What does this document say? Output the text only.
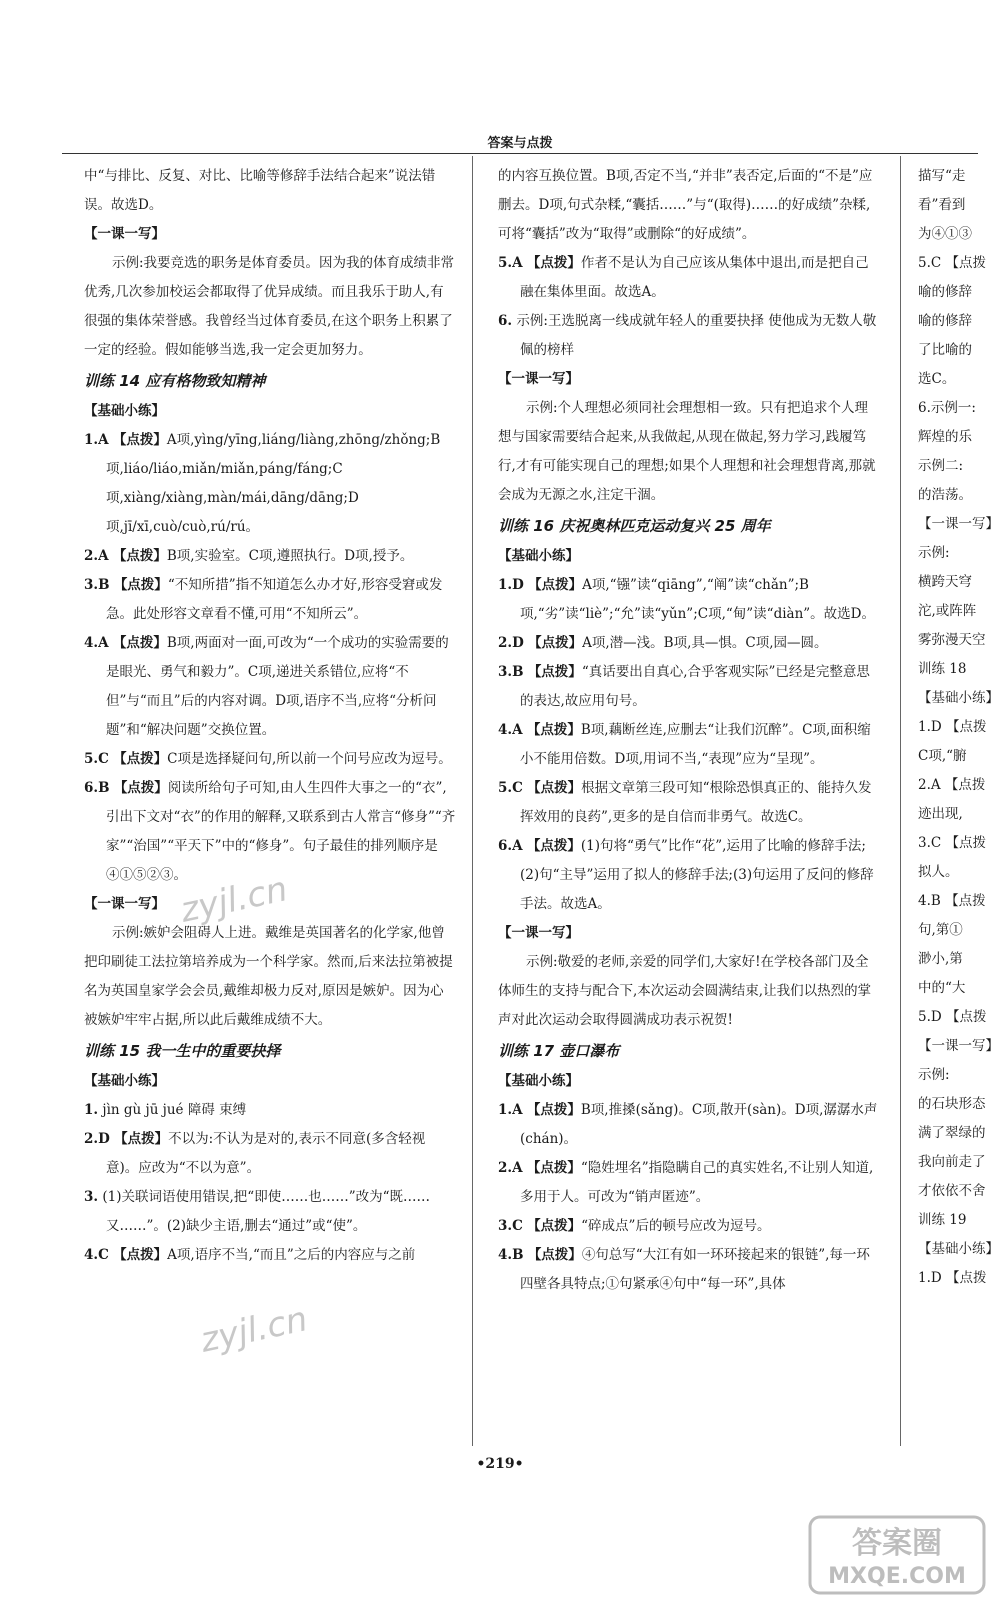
答案与点拨

中“与排比、反复、对比、比喻等修辞手法结合起来”说法错误。故选D。

【一课一写】

示例:我要竞选的职务是体育委员。因为我的体育成绩非常优秀,几次参加校运会都取得了优异成绩。而且我乐于助人,有很强的集体荣誉感。我曾经当过体育委员,在这个职务上积累了一定的经验。假如能够当选,我一定会更加努力。

训练 14 应有格物致知精神

【基础小练】

1.A 【点拨】A项,yìng/yīng,liáng/liàng,zhōng/zhǒng;B项,liáo/liáo,miǎn/miǎn,páng/fáng;C项,xiàng/xiàng,màn/mái,dāng/dāng;D项,jī/xī,cuò/cuò,rú/rú。

2.A 【点拨】B项,实验室。C项,遵照执行。D项,授予。

3.B 【点拨】“不知所措”指不知道怎么办才好,形容受窘或发急。此处形容文章看不懂,可用“不知所云”。

4.A 【点拨】B项,两面对一面,可改为“一个成功的实验需要的是眼光、勇气和毅力”。C项,递进关系错位,应将“不但”与“而且”后的内容对调。D项,语序不当,应将“分析问题”和“解决问题”交换位置。

5.C 【点拨】C项是选择疑问句,所以前一个问号应改为逗号。

6.B 【点拨】阅读所给句子可知,由人生四件大事之一的“衣”,引出下文对“衣”的作用的解释,又联系到古人常言“修身”“齐家”“治国”“平天下”中的“修身”。句子最佳的排列顺序是④①⑤②③。

【一课一写】

示例:嫉妒会阻碍人上进。戴维是英国著名的化学家,他曾把印刷徒工法拉第培养成为一个科学家。然而,后来法拉第被提名为英国皇家学会会员,戴维却极力反对,原因是嫉妒。因为心被嫉妒牢牢占据,所以此后戴维成绩不大。

训练 15 我一生中的重要抉择

【基础小练】

1. jìn gù jū jué 障碍 束缚

2.D 【点拨】不以为:不认为是对的,表示不同意(多含轻视意)。应改为“不以为意”。

3. (1)关联词语使用错误,把“即使……也……”改为“既……又……”。(2)缺少主语,删去“通过”或“使”。

4.C 【点拨】A项,语序不当,“而且”之后的内容应与之前

的内容互换位置。B项,否定不当,“并非”表否定,后面的“不是”应删去。D项,句式杂糅,“囊括……”与“(取得)……的好成绩”杂糅,可将“囊括”改为“取得”或删除“的好成绩”。

5.A 【点拨】作者不是认为自己应该从集体中退出,而是把自己融在集体里面。故选A。

6. 示例:王选脱离一线成就年轻人的重要抉择 使他成为无数人敬佩的榜样

【一课一写】

示例:个人理想必须同社会理想相一致。只有把追求个人理想与国家需要结合起来,从我做起,从现在做起,努力学习,践履笃行,才有可能实现自己的理想;如果个人理想和社会理想背离,那就会成为无源之水,注定干涸。

训练 16 庆祝奥林匹克运动复兴 25 周年

【基础小练】

1.D 【点拨】A项,“镪”读“qiāng”,“阐”读“chǎn”;B项,“劣”读“liè”;“允”读“yǔn”;C项,“甸”读“diàn”。故选D。

2.D 【点拨】A项,潜—浅。B项,具—惧。C项,园—圆。

3.B 【点拨】“真话要出自真心,合乎客观实际”已经是完整意思的表达,故应用句号。

4.A 【点拨】B项,藕断丝连,应删去“让我们沉醉”。C项,面积缩小不能用倍数。D项,用词不当,“表现”应为“呈现”。

5.C 【点拨】根据文章第三段可知“根除恐惧真正的、能持久发挥效用的良药”,更多的是自信而非勇气。故选C。

6.A 【点拨】(1)句将“勇气”比作“花”,运用了比喻的修辞手法;(2)句“主导”运用了拟人的修辞手法;(3)句运用了反问的修辞手法。故选A。

【一课一写】

示例:敬爱的老师,亲爱的同学们,大家好!在学校各部门及全体师生的支持与配合下,本次运动会圆满结束,让我们以热烈的掌声对此次运动会取得圆满成功表示祝贺!

训练 17 壶口瀑布

【基础小练】

1.A 【点拨】B项,推搡(sǎng)。C项,散开(sàn)。D项,潺潺水声(chán)。

2.A 【点拨】“隐姓埋名”指隐瞒自己的真实姓名,不让别人知道,多用于人。可改为“销声匿迹”。

3.C 【点拨】“碎成点”后的顿号应改为逗号。

4.B 【点拨】④句总写“大江有如一环环接起来的银链”,每一环四壁各具特点;①句紧承④句中“每一环”,具体

描写“走
看”看到
为④①③
5.C 【点拨
喻的修辞
喻的修辞
了比喻的
选C。
6.示例一:
辉煌的乐
示例二:
的浩荡。
【一课一写】
示例:
横跨天穹
沱,或阵阵
雾弥漫天空
训练 18
【基础小练】
1.D 【点拨
C项,“腑
2.A 【点拨
迹出现,
3.C 【点拨
拟人。
4.B 【点拨
句,第①
渺小,第
中的“大
5.D 【点拨
【一课一写】
示例:
的石块形态
满了翠绿的
我向前走了
才依依不舍
训练 19
【基础小练】
1.D 【点拨
•219•
zyjl.cn
zyjl.cn
答案圈
MXQE.COM
